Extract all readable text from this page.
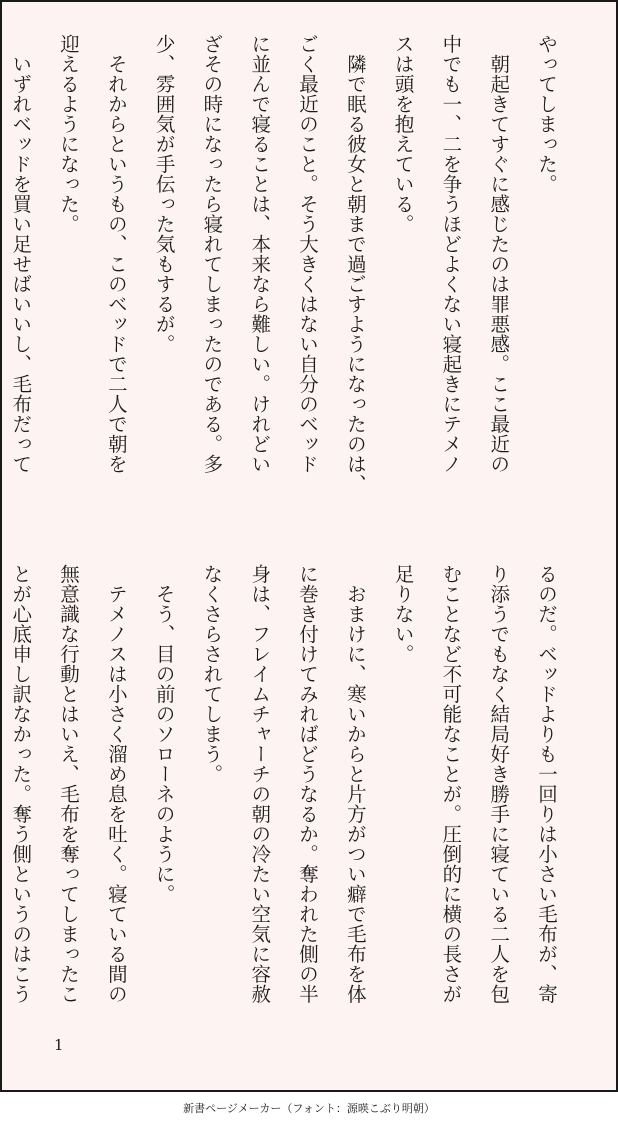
やってしまった。

　朝起きてすぐに感じたのは罪悪感。ここ最近の

中でも一、二を争うほどよくない寝起きにテメノ

スは頭を抱えている。

　隣で眠る彼女と朝まで過ごすようになったのは、

ごく最近のこと。そう大きくはない自分のベッド

に並んで寝ることは、本来なら難しい。けれどい

ざその時になったら寝れてしまったのである。多

少、雰囲気が手伝った気もするが。

　それからというもの、このベッドで二人で朝を

迎えるようになった。

　いずれベッドを買い足せばいいし、毛布だって

るのだ。ベッドよりも一回りは小さい毛布が、寄

り添うでもなく結局好き勝手に寝ている二人を包

むことなど不可能なことが。圧倒的に横の長さが

足りない。

　おまけに、寒いからと片方がつい癖で毛布を体

に巻き付けてみればどうなるか。奪われた側の半

身は、フレイムチャーチの朝の冷たい空気に容赦

なくさらされてしまう。

　そう、目の前のソローネのように。

　テメノスは小さく溜め息を吐く。寝ている間の

無意識な行動とはいえ、毛布を奪ってしまったこ

とが心底申し訳なかった。奪う側というのはこう

1
新書ページメーカー（フォント：源暎こぶり明朝）
